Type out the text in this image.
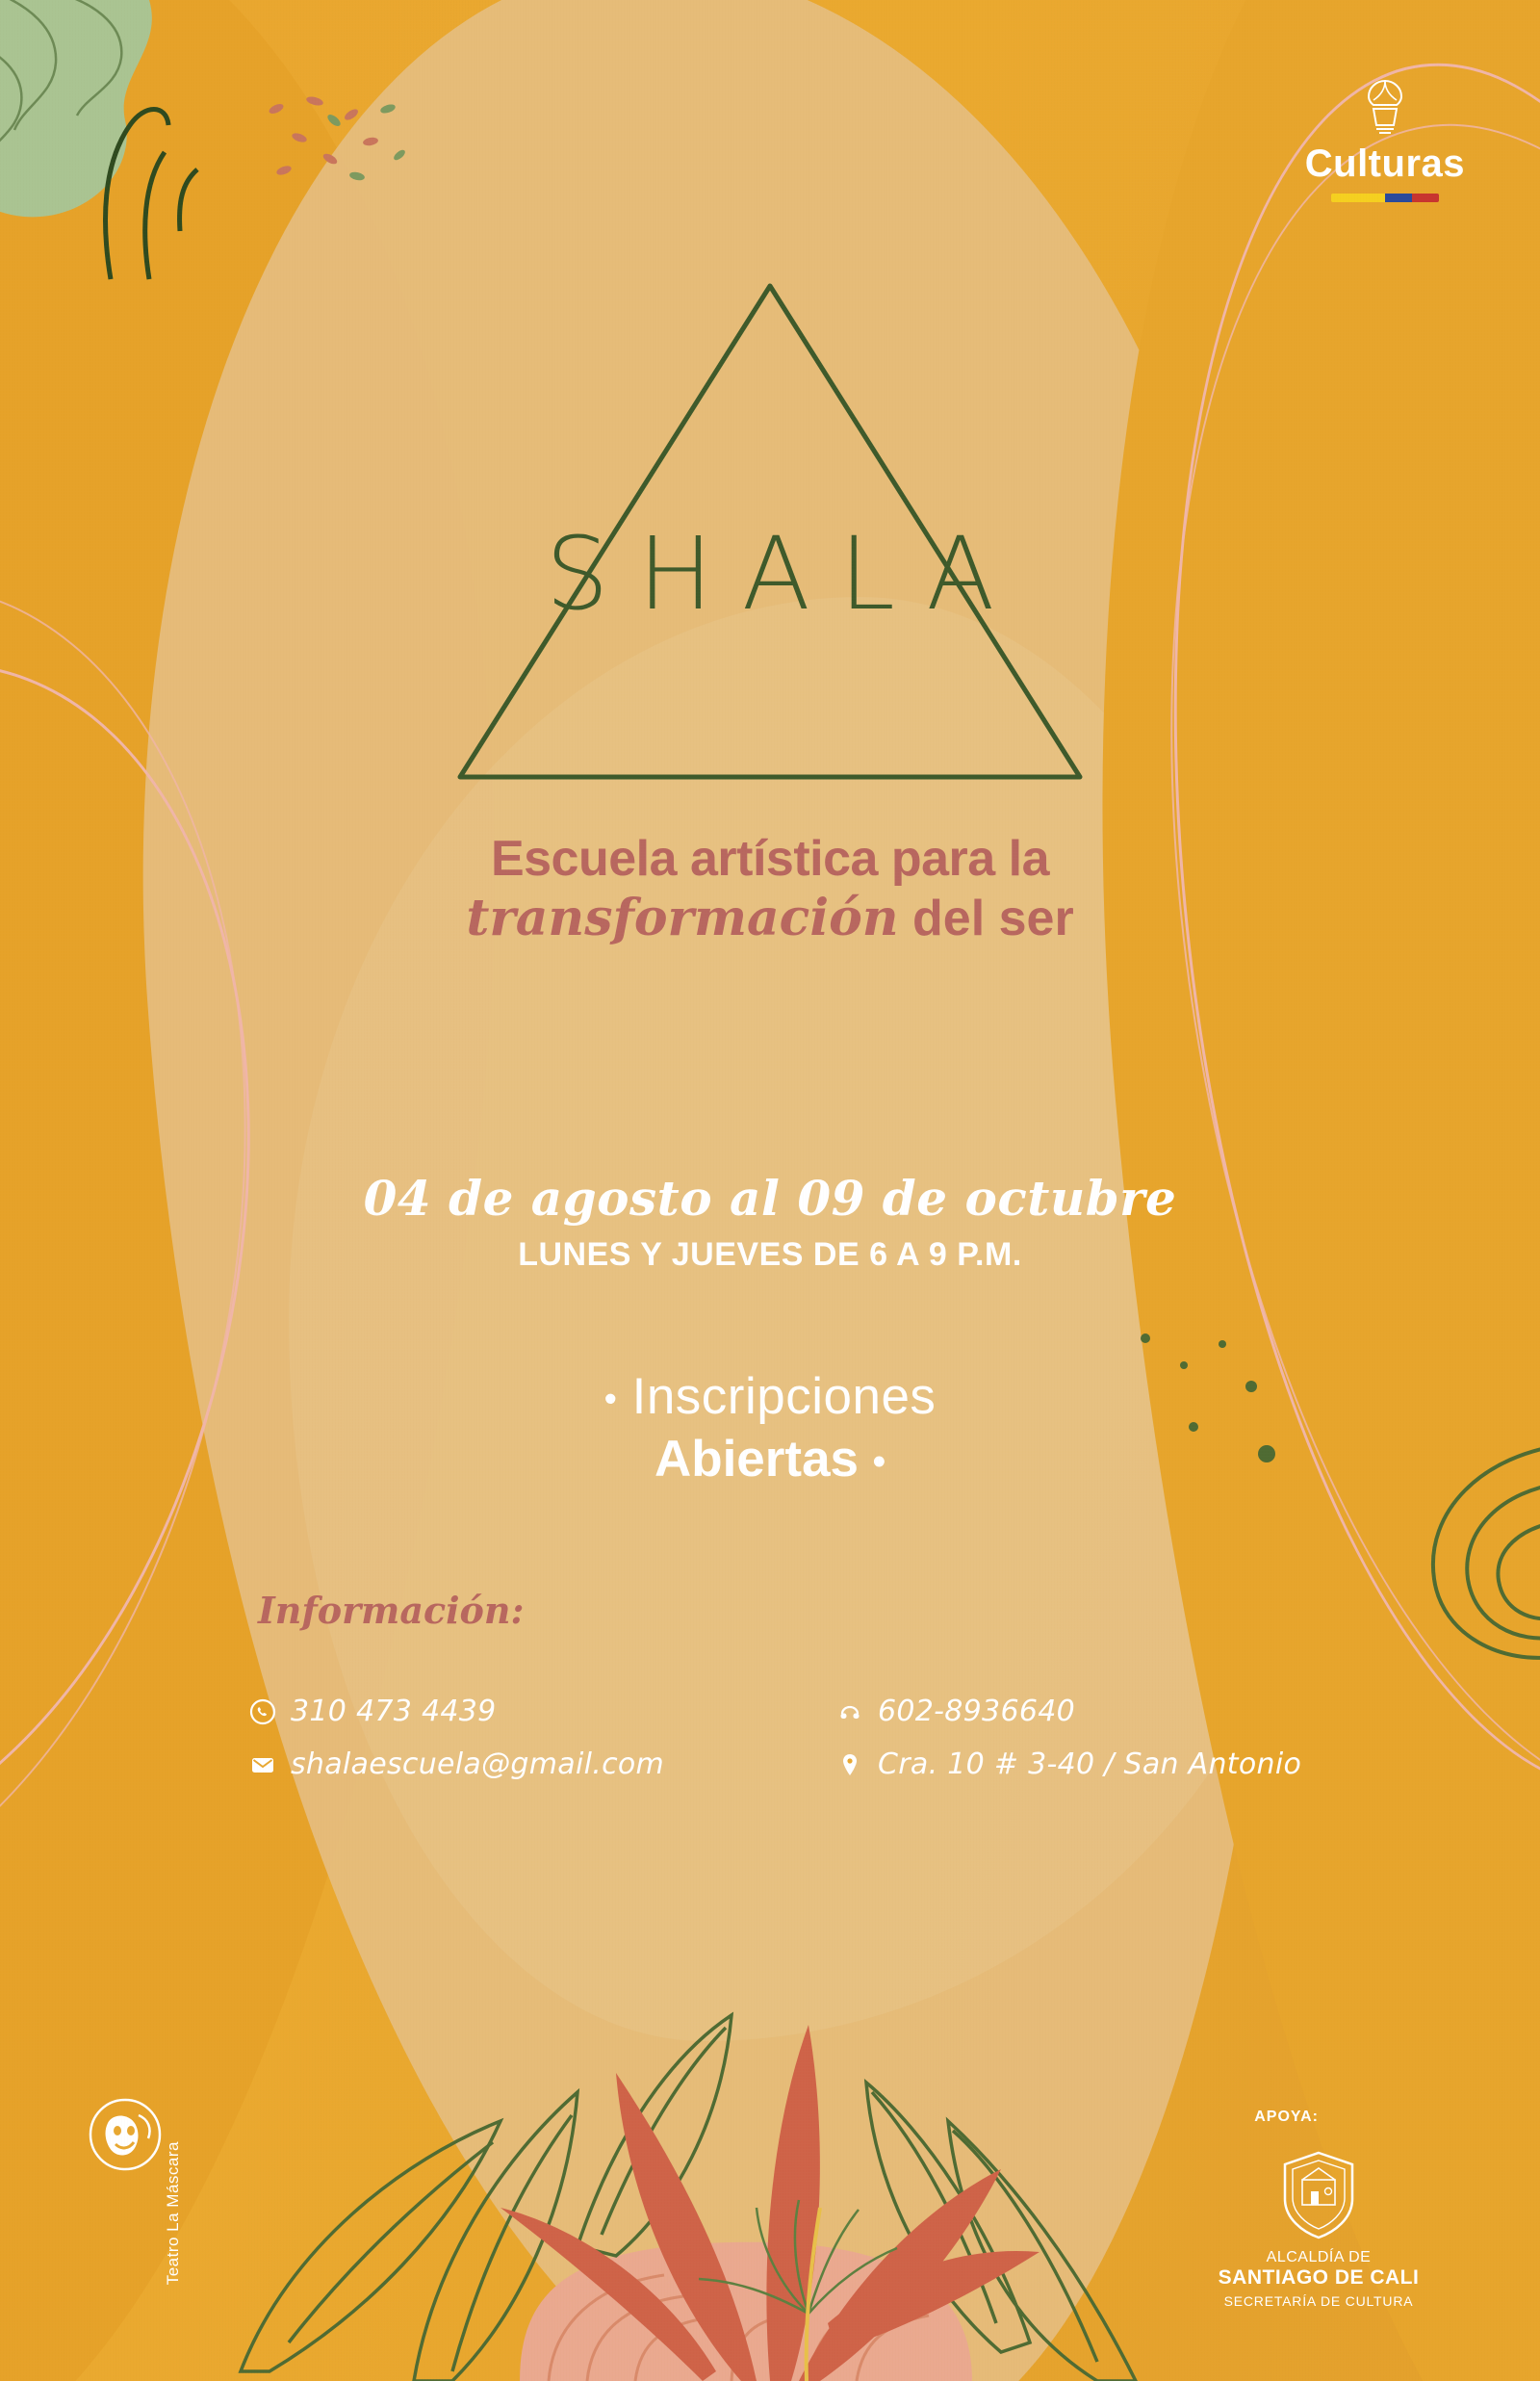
Culturas
SHALA
Escuela artística para la
transformación del ser
04 de agosto al 09 de octubre
LUNES Y JUEVES DE 6 A 9 P.M.
• Inscripciones
Abiertas •
Información:
310 473 4439	602-8936640
shalaescuela@gmail.com	Cra. 10 # 3-40 / San Antonio
Teatro La Máscara
APOYA:
ALCALDÍA DE
SANTIAGO DE CALI
SECRETARÍA DE CULTURA
